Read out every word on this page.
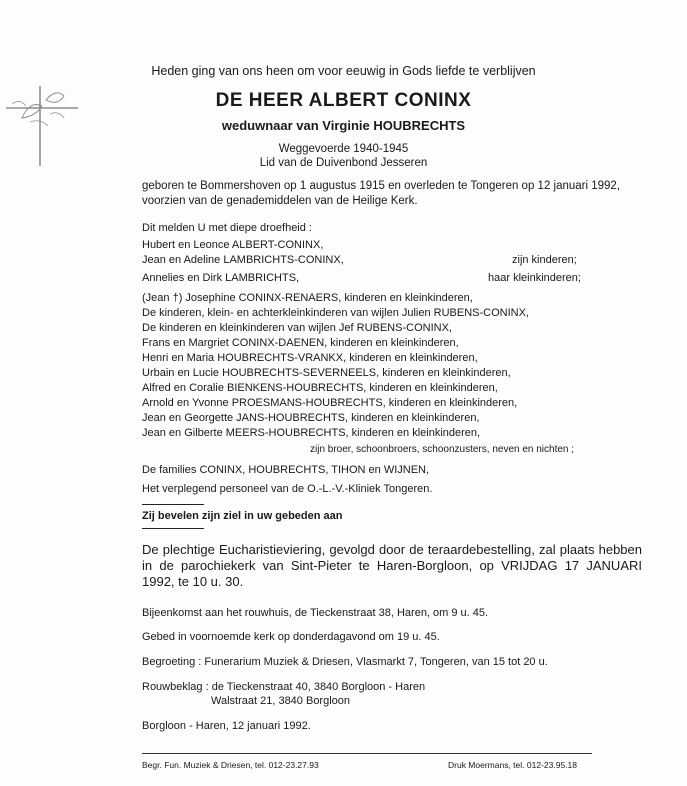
Heden ging van ons heen om voor eeuwig in Gods liefde te verblijven
DE HEER ALBERT CONINX
weduwnaar van Virginie HOUBRECHTS
Weggevoerde 1940-1945
Lid van de Duivenbond Jesseren
geboren te Bommershoven op 1 augustus 1915 en overleden te Tongeren op 12 januari 1992, voorzien van de genademiddelen van de Heilige Kerk.
Dit melden U met diepe droefheid :
Hubert en Leonce ALBERT-CONINX,
Jean en Adeline LAMBRICHTS-CONINX,	zijn kinderen;
Annelies en Dirk LAMBRICHTS,	haar kleinkinderen;
(Jean †) Josephine CONINX-RENAERS, kinderen en kleinkinderen,
De kinderen, klein- en achterkleinkinderen van wijlen Julien RUBENS-CONINX,
De kinderen en kleinkinderen van wijlen Jef RUBENS-CONINX,
Frans en Margriet CONINX-DAENEN, kinderen en kleinkinderen,
Henri en Maria HOUBRECHTS-VRANKX, kinderen en kleinkinderen,
Urbain en Lucie HOUBRECHTS-SEVERNEELS, kinderen en kleinkinderen,
Alfred en Coralie BIENKENS-HOUBRECHTS, kinderen en kleinkinderen,
Arnold en Yvonne PROESMANS-HOUBRECHTS, kinderen en kleinkinderen,
Jean en Georgette JANS-HOUBRECHTS, kinderen en kleinkinderen,
Jean en Gilberte MEERS-HOUBRECHTS, kinderen en kleinkinderen,
zijn broer, schoonbroers, schoonzusters, neven en nichten ;
De families CONINX, HOUBRECHTS, TIHON en WIJNEN,
Het verplegend personeel van de O.-L.-V.-Kliniek Tongeren.
Zij bevelen zijn ziel in uw gebeden aan
De plechtige Eucharistieviering, gevolgd door de teraardebestelling, zal plaats hebben in de parochiekerk van Sint-Pieter te Haren-Borgloon, op VRIJDAG 17 JANUARI 1992, te 10 u. 30.
Bijeenkomst aan het rouwhuis, de Tieckenstraat 38, Haren, om 9 u. 45.
Gebed in voornoemde kerk op donderdagavond om 19 u. 45.
Begroeting : Funerarium Muziek & Driesen, Vlasmarkt 7, Tongeren, van 15 tot 20 u.
Rouwbeklag : de Tieckenstraat 40, 3840 Borgloon - Haren
Walstraat 21, 3840 Borgloon
Borgloon - Haren, 12 januari 1992.
Begr. Fun. Muziek & Driesen, tel. 012-23.27.93	Druk Moermans, tel. 012-23.95.18
